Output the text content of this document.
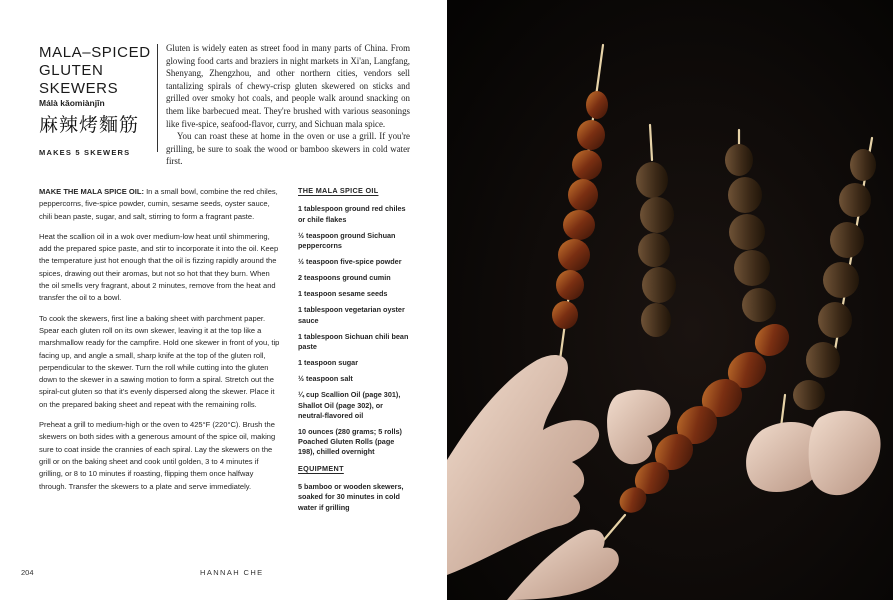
MALA–SPICED
GLUTEN
SKEWERS
Málà kǎomiànjīn
麻辣烤麵筋
MAKES 5 SKEWERS

Gluten is widely eaten as street food in many parts of China. From glowing food carts and braziers in night markets in Xi'an, Langfang, Shenyang, Zhengzhou, and other northern cities, vendors sell tantalizing spirals of chewy-crisp gluten skewered on sticks and grilled over smoky hot coals, and people walk around snacking on them like barbecued meat. They're brushed with various seasonings like five-spice, seafood-flavor, curry, and Sichuan mala spice.

You can roast these at home in the oven or use a grill. If you're grilling, be sure to soak the wood or bamboo skewers in cold water first.

MAKE THE MALA SPICE OIL: In a small bowl, combine the red chiles, peppercorns, five-spice powder, cumin, sesame seeds, oyster sauce, chili bean paste, sugar, and salt, stirring to form a fragrant paste.

Heat the scallion oil in a wok over medium-low heat until shimmering, add the prepared spice paste, and stir to incorporate it into the oil. Keep the temperature just hot enough that the oil is fizzing rapidly around the spices, drawing out their aromas, but not so hot that they burn. When the oil smells very fragrant, about 2 minutes, remove from the heat and transfer the oil to a bowl.

To cook the skewers, first line a baking sheet with parchment paper. Spear each gluten roll on its own skewer, leaving it at the top like a marshmallow ready for the campfire. Hold one skewer in front of you, tip facing up, and angle a small, sharp knife at the top of the gluten roll, perpendicular to the skewer. Turn the roll while cutting into the gluten down to the skewer in a sawing motion to form a spiral. Stretch out the spiral-cut gluten so that it's evenly dispersed along the skewer. Place it on the prepared baking sheet and repeat with the remaining rolls.

Preheat a grill to medium-high or the oven to 425°F (220°C). Brush the skewers on both sides with a generous amount of the spice oil, making sure to coat inside the crannies of each spiral. Lay the skewers on the grill or on the baking sheet and cook until golden, 3 to 4 minutes if grilling, or 8 to 10 minutes if roasting, flipping them once halfway through. Transfer the skewers to a plate and serve immediately.

THE MALA SPICE OIL
1 tablespoon ground red chiles or chile flakes
½ teaspoon ground Sichuan peppercorns
½ teaspoon five-spice powder
2 teaspoons ground cumin
1 teaspoon sesame seeds
1 tablespoon vegetarian oyster sauce
1 tablespoon Sichuan chili bean paste
1 teaspoon sugar
½ teaspoon salt
¼ cup Scallion Oil (page 301), Shallot Oil (page 302), or neutral-flavored oil
10 ounces (280 grams; 5 rolls) Poached Gluten Rolls (page 198), chilled overnight
EQUIPMENT
5 bamboo or wooden skewers, soaked for 30 minutes in cold water if grilling
204	HANNAH CHE
